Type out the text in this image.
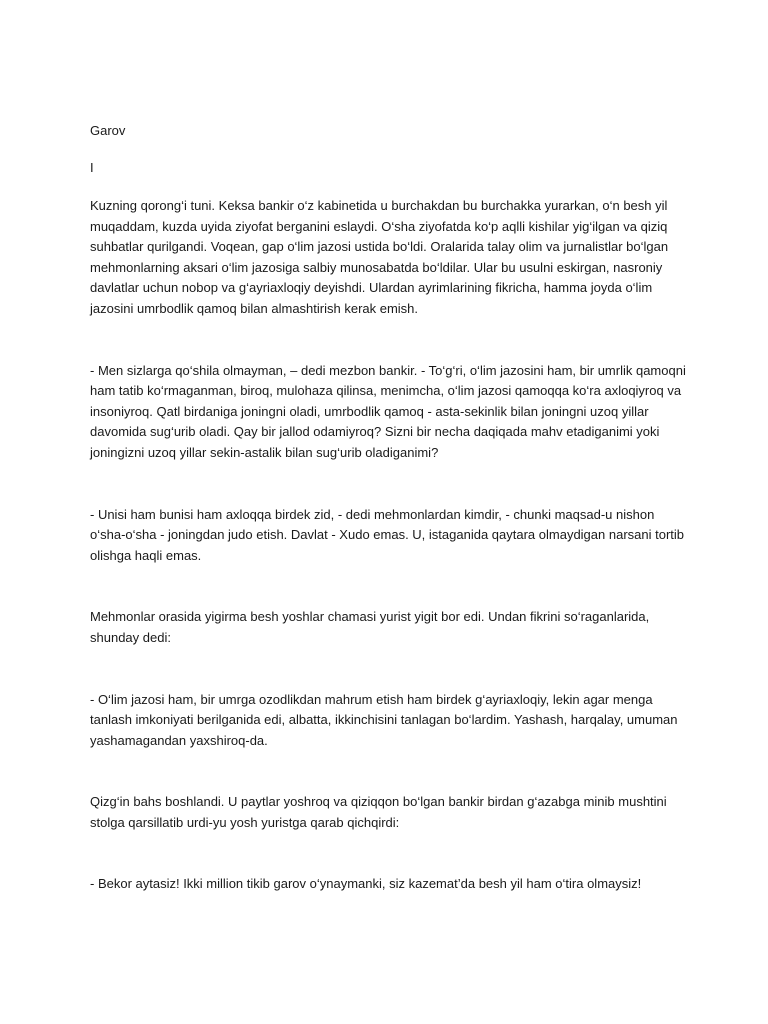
Garov

I

Kuzning qorong‘i tuni. Keksa bankir o‘z kabinetida u burchakdan bu burchakka yurarkan, o‘n besh yil muqaddam, kuzda uyida ziyofat berganini eslaydi. O‘sha ziyofatda ko‘p aqlli kishilar yig‘ilgan va qiziq suhbatlar qurilgandi. Voqean, gap o‘lim jazosi ustida bo‘ldi. Oralarida talay olim va jurnalistlar bo‘lgan mehmonlarning aksari o‘lim jazosiga salbiy munosabatda bo‘ldilar. Ular bu usulni eskirgan, nasroniy davlatlar uchun nobop va g‘ayriaxloqiy deyishdi. Ulardan ayrimlarining fikricha, hamma joyda o‘lim jazosini umrbodlik qamoq bilan almashtirish kerak emish.

- Men sizlarga qo‘shila olmayman, – dedi mezbon bankir. - To‘g‘ri, o‘lim jazosini ham, bir umrlik qamoqni ham tatib ko‘rmaganman, biroq, mulohaza qilinsa, menimcha, o‘lim jazosi qamoqqa ko‘ra axloqiyroq va insoniyroq. Qatl birdaniga joningni oladi, umrbodlik qamoq - asta-sekinlik bilan joningni uzoq yillar davomida sug‘urib oladi. Qay bir jallod odamiyroq? Sizni bir necha daqiqada mahv etadiganimi yoki joningizni uzoq yillar sekin-astalik bilan sug‘urib oladiganimi?

- Unisi ham bunisi ham axloqqa birdek zid, - dedi mehmonlardan kimdir, - chunki maqsad-u nishon o‘sha-o‘sha - joningdan judo etish. Davlat - Xudo emas. U, istaganida qaytara olmaydigan narsani tortib olishga haqli emas.

Mehmonlar orasida yigirma besh yoshlar chamasi yurist yigit bor edi. Undan fikrini so‘raganlarida, shunday dedi:

- O‘lim jazosi ham, bir umrga ozodlikdan mahrum etish ham birdek g‘ayriaxloqiy, lekin agar menga tanlash imkoniyati berilganida edi, albatta, ikkinchisini tanlagan bo‘lardim. Yashash, harqalay, umuman yashamagandan yaxshiroq-da.

Qizg‘in bahs boshlandi. U paytlar yoshroq va qiziqqon bo‘lgan bankir birdan g‘azabga minib mushtini stolga qarsillatib urdi-yu yosh yuristga qarab qichqirdi:

- Bekor aytasiz! Ikki million tikib garov o‘ynaymanki, siz kazemat’da besh yil ham o‘tira olmaysiz!
